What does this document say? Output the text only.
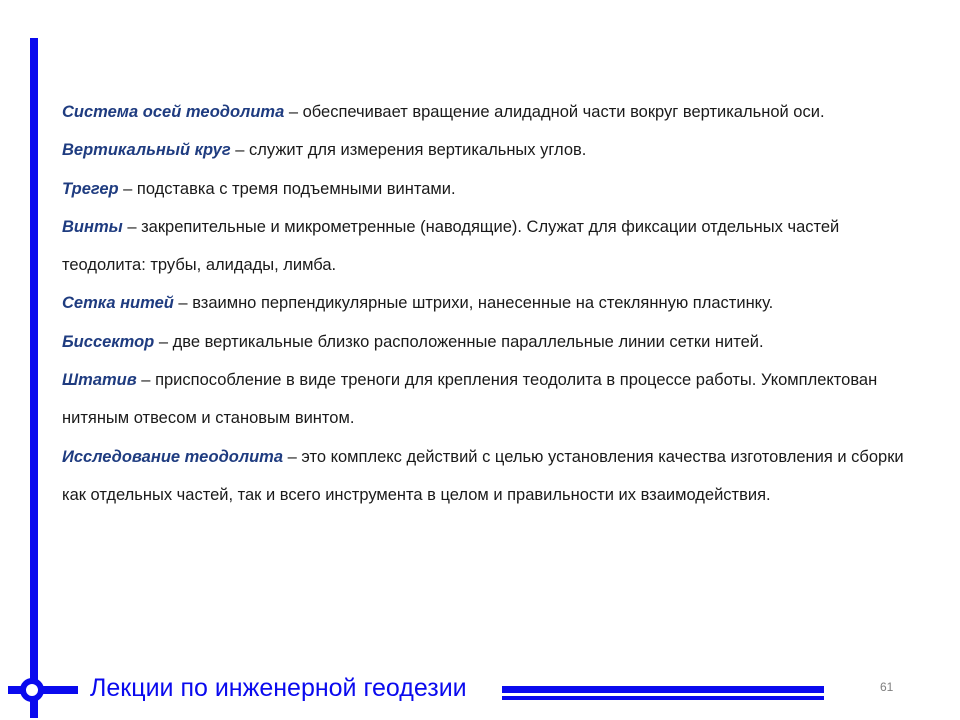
Система осей теодолита – обеспечивает вращение алидадной части вокруг вертикальной оси.

Вертикальный круг – служит для измерения вертикальных углов.

Трегер – подставка с тремя подъемными винтами.

Винты – закрепительные и микрометренные (наводящие). Служат для фиксации отдельных частей теодолита: трубы, алидады, лимба.

Сетка нитей – взаимно перпендикулярные штрихи, нанесенные на стеклянную пластинку.

Биссектор – две вертикальные близко расположенные параллельные линии сетки нитей.

Штатив – приспособление в виде треноги для крепления теодолита в процессе работы. Укомплектован нитяным отвесом и становым винтом.

Исследование теодолита – это комплекс действий с целью установления качества изготовления и сборки как отдельных частей, так и всего инструмента в целом и правильности их взаимодействия.

Лекции по инженерной геодезии	61
